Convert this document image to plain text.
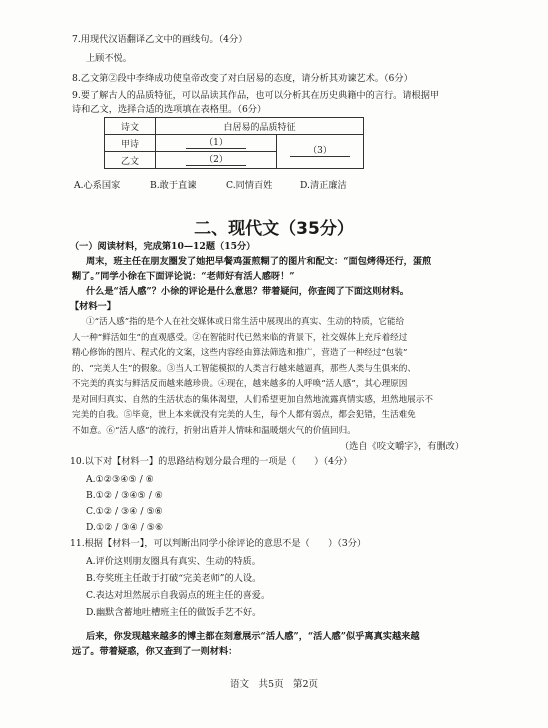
7.用现代汉语翻译乙文中的画线句。（4分）
上顾不悦。
8.乙文第②段中李绛成功使皇帝改变了对白居易的态度，请分析其劝谏艺术。（6分）
9.要了解古人的品质特征，可以品读其作品，也可以分析其在历史典籍中的言行。请根据甲
诗和乙文，选择合适的选项填在表格里。（6分）
诗文	白居易的品质特征	
甲诗	（1）	（3）
乙文	（2）	
A.心系国家	B.敢于直谏	C.同情百姓	D.清正廉洁
二、现代文（35分）
（一）阅读材料，完成第10—12题（15分）
周末，班主任在朋友圈发了她把早餐鸡蛋煎糊了的图片和配文：“面包烤得还行，蛋煎
糊了。”同学小徐在下面评论说：“老师好有活人感呀！”
什么是“活人感”？小徐的评论是什么意思？带着疑问，你查阅了下面这则材料。
【材料一】
①“活人感”指的是个人在社交媒体或日常生活中展现出的真实、生动的特质，它能给
人一种“鲜活如生”的直观感受。②在智能时代已然来临的背景下，社交媒体上充斥着经过
精心修饰的图片、程式化的文案，这些内容经由算法筛选和推广，营造了一种经过“包装”
的、“完美人生”的假象。③当人工智能模拟的人类言行越来越逼真，那些人类与生俱来的、
不完美的真实与鲜活反而越来越珍贵。④现在，越来越多的人呼唤“活人感”，其心理原因
是对回归真实、自然的生活状态的集体渴望，人们希望更加自然地流露真情实感，坦然地展示不
完美的自我。⑤毕竟，世上本来就没有完美的人生，每个人都有弱点，都会犯错，生活难免
不如意。⑥“活人感”的流行，折射出盾并人情味和温暖烟火气的价值回归。
（选自《咬文嚼字》，有删改）
10.以下对【材料一】的思路结构划分最合理的一项是（　　）（4分）
A.①②③④⑤ / ⑥
B.①② / ③④⑤ / ⑥
C.①② / ③④ / ⑤⑥
D.①② / ③④ / ⑤⑥
11.根据【材料一】，可以判断出同学小徐评论的意思不是（　　）（3分）
A.评价这则朋友圈具有真实、生动的特质。
B.夸奖班主任敢于打破“完美老师”的人设。
C.表达对坦然展示自我弱点的班主任的喜爱。
D.幽默含蓄地吐槽班主任的做饭手艺不好。
后来，你发现越来越多的博主都在刻意展示“活人感”，“活人感”似乎离真实越来越
远了。带着疑惑，你又查到了一则材料：
语文　共5页　第2页
